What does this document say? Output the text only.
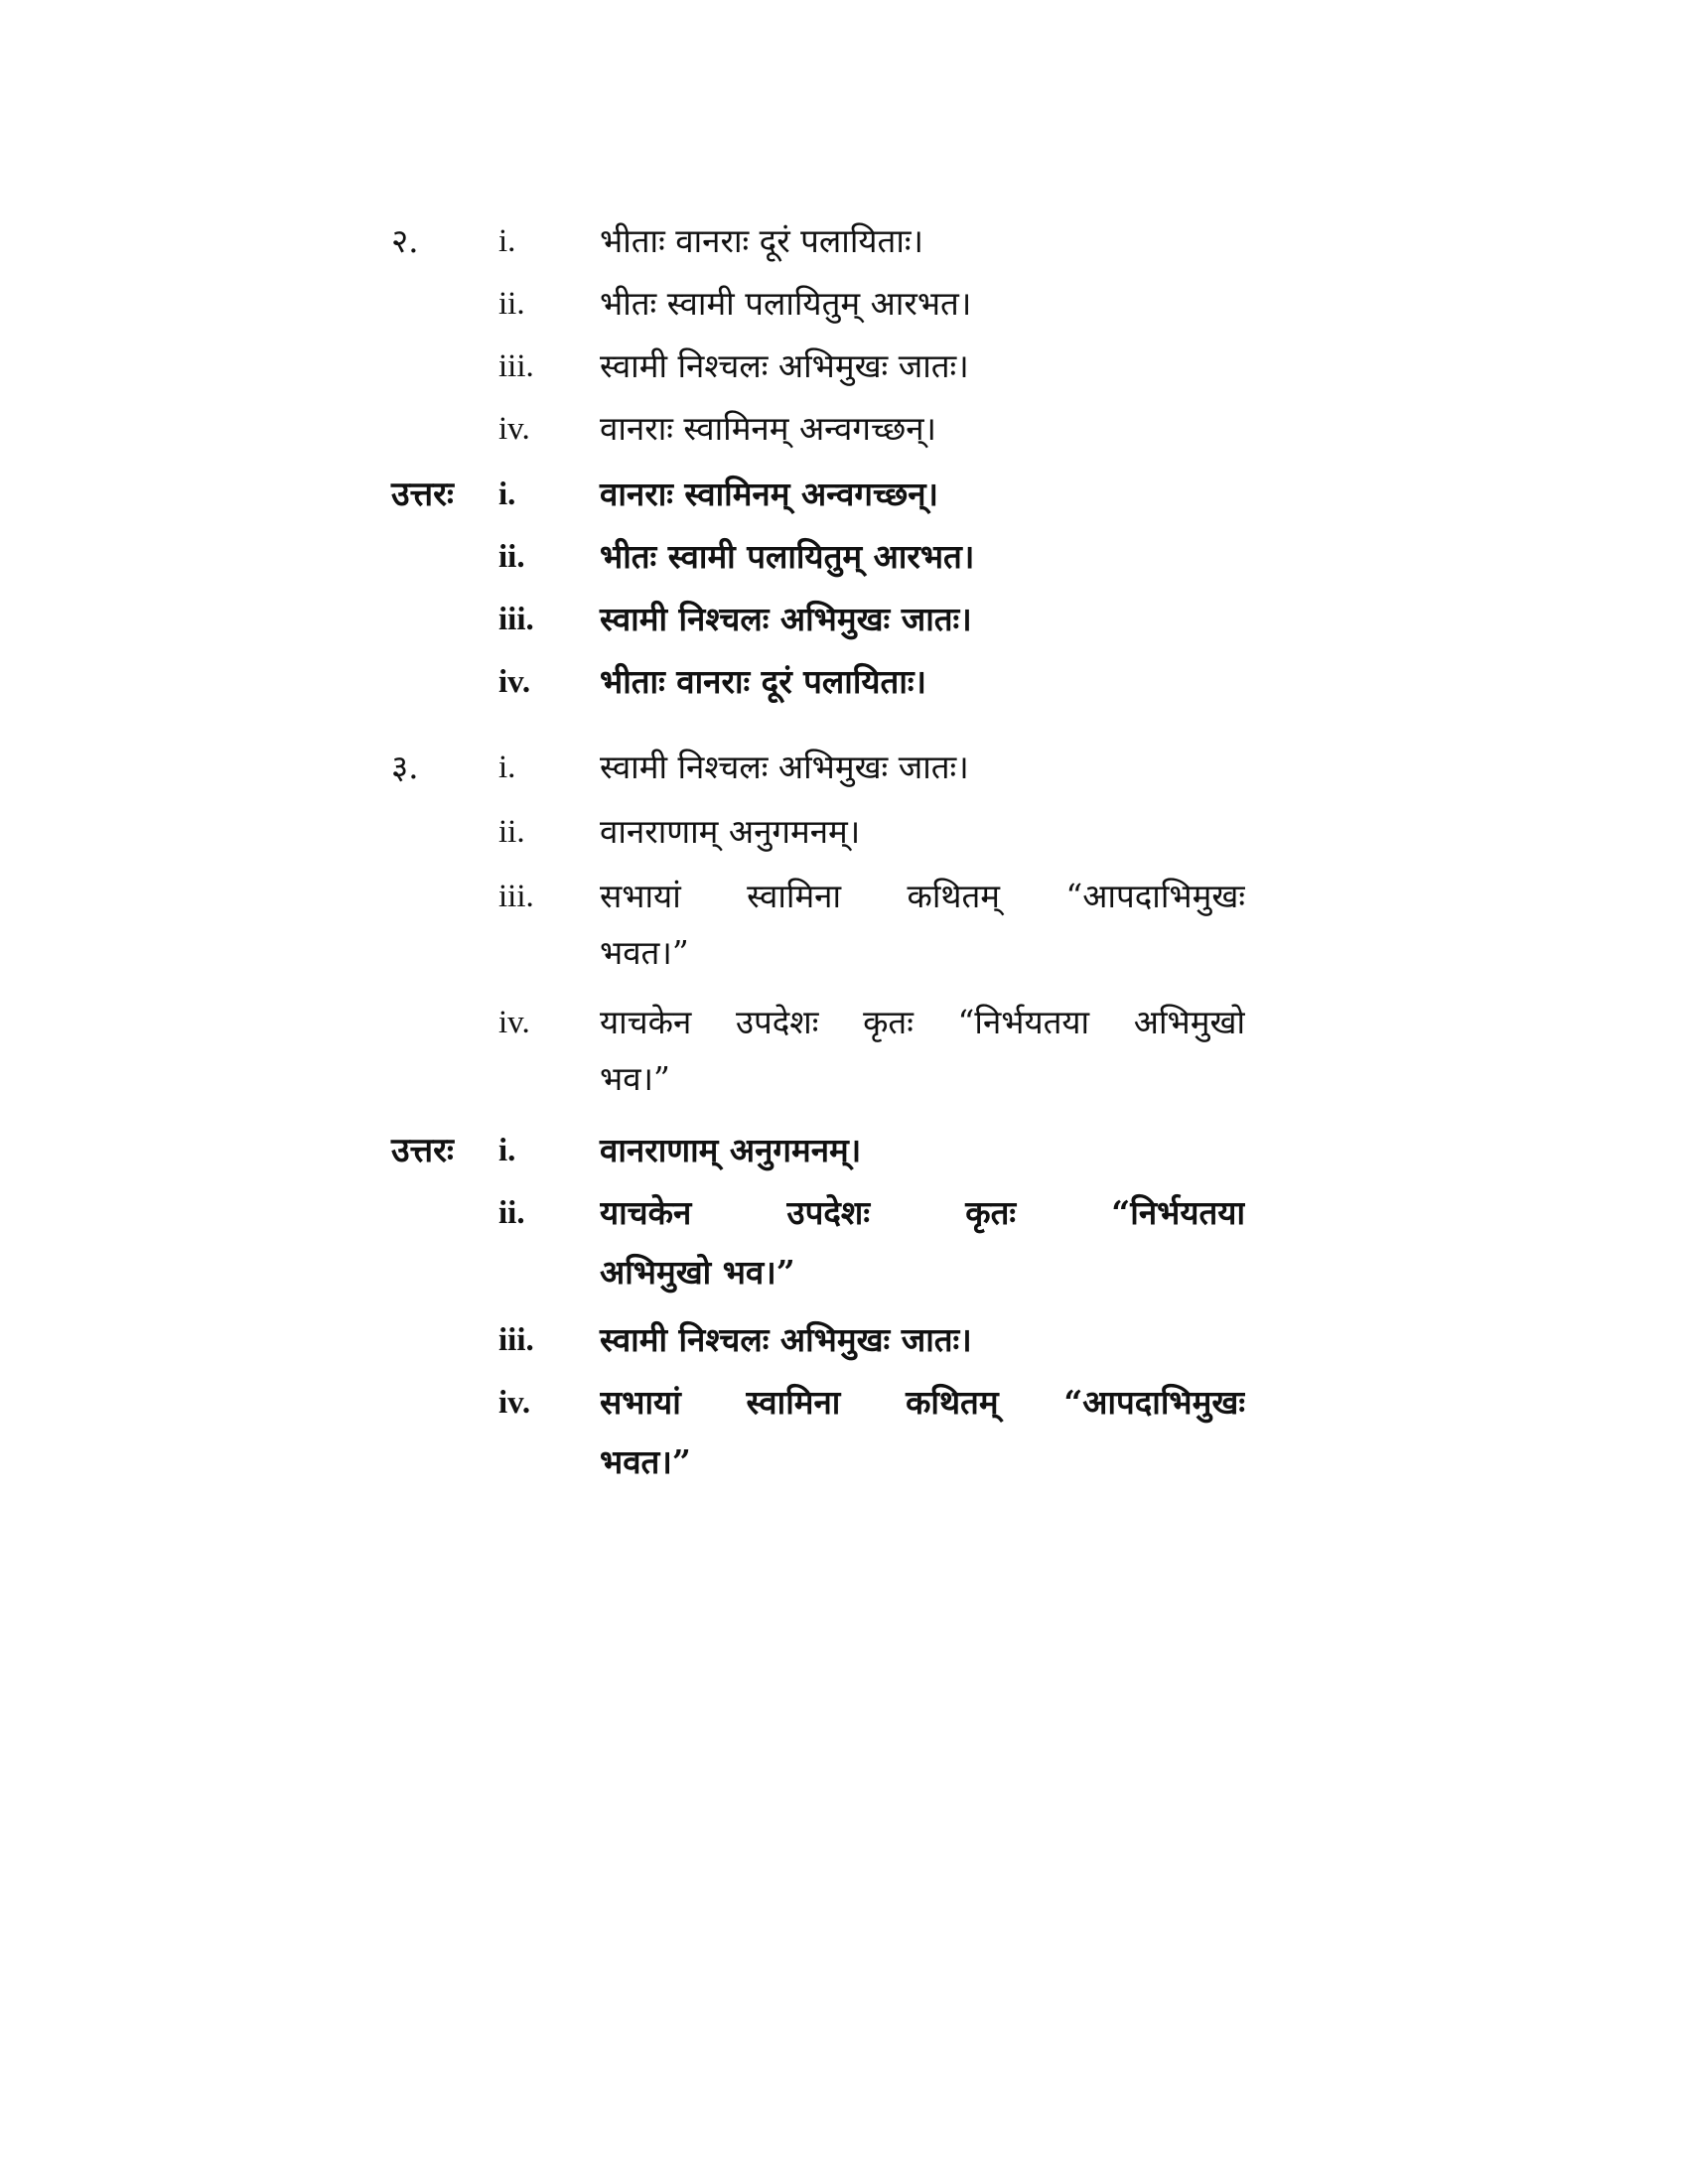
२. i.	भीताः वानराः दूरं पलायिताः।
ii. भीतः स्वामी पलायितुम् आरभत।
iii. स्वामी निश्चलः अभिमुखः जातः।
iv. वानराः स्वामिनम् अन्वगच्छन्।
उत्तरः i.	वानराः स्वामिनम् अन्वगच्छन्।
ii. भीतः स्वामी पलायितुम् आरभत।
iii. स्वामी निश्चलः अभिमुखः जातः।
iv. भीताः वानराः दूरं पलायिताः।
३. i.	स्वामी निश्चलः अभिमुखः जातः।
ii. वानराणाम् अनुगमनम्।
iii. सभायां स्वामिना कथितम् “आपदाभिमुखः
भवत।”
iv. याचकेन उपदेशः कृतः “निर्भयतया अभिमुखो
भव।”
उत्तरः i.	वानराणाम् अनुगमनम्।
ii. याचकेन उपदेशः कृतः “निर्भयतया
अभिमुखो भव।”
iii. स्वामी निश्चलः अभिमुखः जातः।
iv. सभायां स्वामिना कथितम् “आपदाभिमुखः
भवत।”
